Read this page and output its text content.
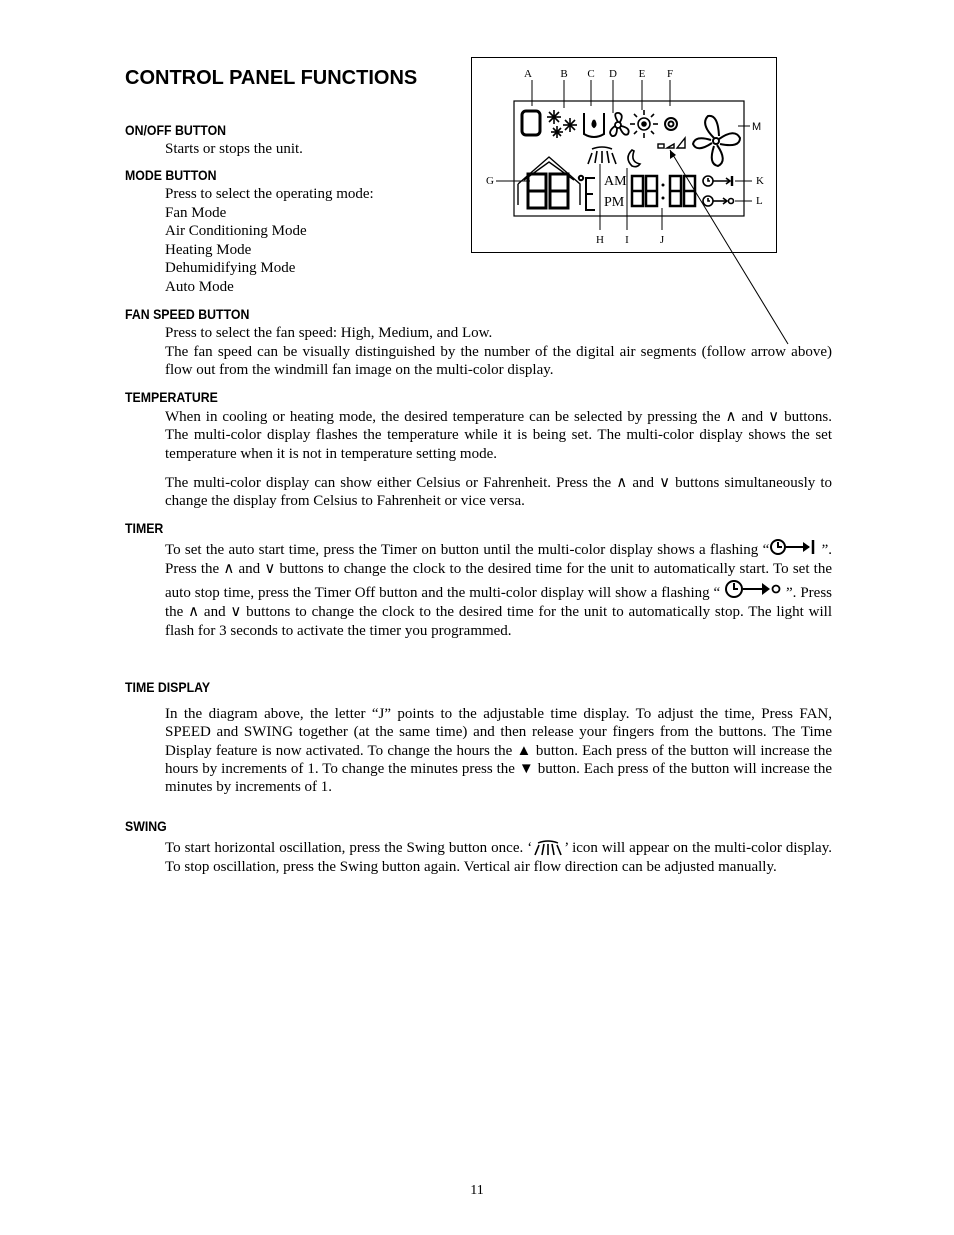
CONTROL PANEL FUNCTIONS	A	B C D E F
M
G	AM
PM
K
L
H I	J
ON/OFF BUTTON

Starts or stops the unit.

MODE BUTTON

Press to select the operating mode:

Fan Mode

Air Conditioning Mode

Heating Mode

Dehumidifying Mode

Auto Mode

FAN SPEED BUTTON

Press to select the fan speed: High, Medium, and Low.

The fan speed can be visually distinguished by the number of the digital air segments (follow arrow above) flow out from the windmill fan image on the multi-color display.

TEMPERATURE

When in cooling or heating mode, the desired temperature can be selected by pressing the ∧ and ∨ buttons. The multi-color display flashes the temperature while it is being set. The multi-color display shows the set temperature when it is not in temperature setting mode.

The multi-color display can show either Celsius or Fahrenheit. Press the ∧ and ∨ buttons simultaneously to change the display from Celsius to Fahrenheit or vice versa.

TIMER

To set the auto start time, press the Timer on button until the multi-color display shows a flashing “	”. Press the ∧ and ∨ buttons to change the clock to the desired time for the unit to automatically start. To set the auto stop time, press the Timer Off button and the multi-color display will show a flashing “	”. Press the ∧ and ∨ buttons to change the clock to the desired time for the unit to automatically stop. The light will flash for 3 seconds to activate the timer you programmed.

TIME DISPLAY

In the diagram above, the letter “J” points to the adjustable time display. To adjust the time, Press FAN, SPEED and SWING together (at the same time) and then release your fingers from the buttons. The Time Display feature is now activated. To change the hours the ▲ button. Each press of the button will increase the hours by increments of 1. To change the minutes press the ▼ button. Each press of the button will increase the minutes by increments of 1.

SWING

To start horizontal oscillation, press the Swing button once. ‘ ’ icon will appear on the multi-color display. To stop oscillation, press the Swing button again. Vertical air flow direction can be adjusted manually.

11
